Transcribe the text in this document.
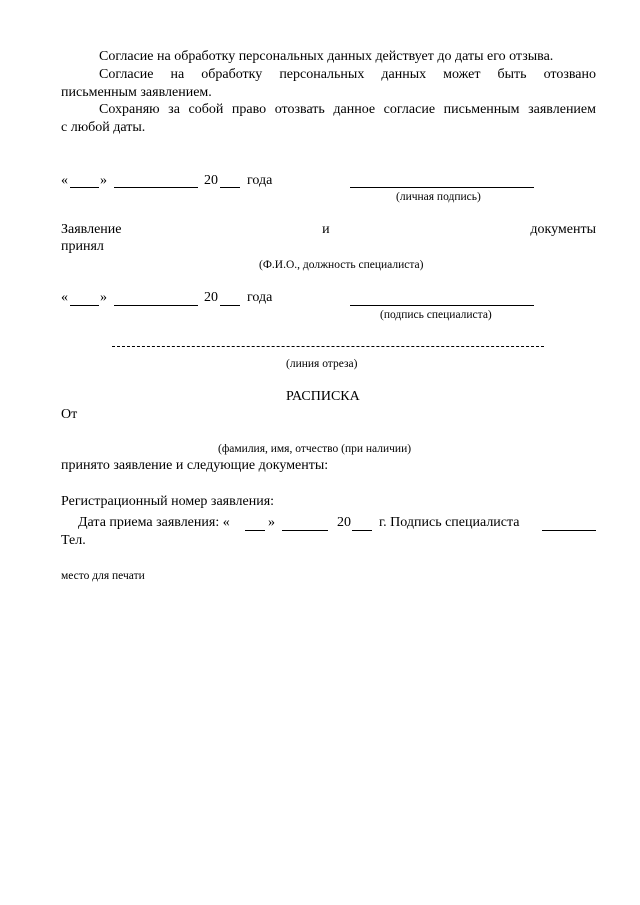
Согласие на обработку персональных данных действует до даты его отзыва.
Согласие на обработку персональных данных может быть отозвано
письменным заявлением.
Сохраняю за собой право отозвать данное согласие письменным заявлением
с любой даты.
« »	20 года
(личная подпись)
Заявление	и	документы
принял
(Ф.И.О., должность специалиста)
« »	20 года
(подпись специалиста)
(линия отреза)
РАСПИСКА
От
(фамилия, имя, отчество (при наличии)
принято заявление и следующие документы:
Регистрационный номер заявления:
Дата приема заявления: «	»	20 г. Подпись специалиста
Тел.
место для печати
